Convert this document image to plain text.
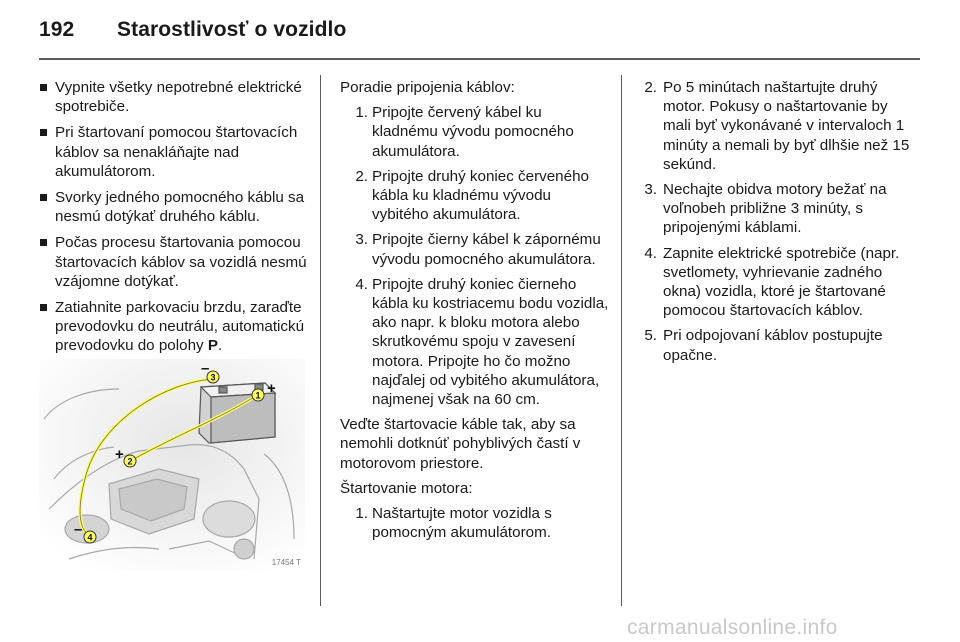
192 Starostlivosť o vozidlo
Vypnite všetky nepotrebné elektrické spotrebiče.
Pri štartovaní pomocou štartovacích káblov sa nenakláňajte nad akumulátorom.
Svorky jedného pomocného káblu sa nesmú dotýkať druhého káblu.
Počas procesu štartovania pomocou štartovacích káblov sa vozidlá nesmú vzájomne dotýkať.
Zatiahnite parkovaciu brzdu, zaraďte prevodovku do neutrálu, automatickú prevodovku do polohy P.
1
2
3
4
–
+
+
–
17454 T
Poradie pripojenia káblov:
1. Pripojte červený kábel ku kladnému vývodu pomocného akumulátora.
2. Pripojte druhý koniec červeného kábla ku kladnému vývodu vybitého akumulátora.
3. Pripojte čierny kábel k zápornému vývodu pomocného akumulátora.
4. Pripojte druhý koniec čierneho kábla ku kostriacemu bodu vozidla, ako napr. k bloku motora alebo skrutkovému spoju v zavesení motora. Pripojte ho čo možno najďalej od vybitého akumulátora, najmenej však na 60 cm.
Veďte štartovacie káble tak, aby sa nemohli dotknúť pohyblivých častí v motorovom priestore.
Štartovanie motora:
1. Naštartujte motor vozidla s pomocným akumulátorom.
2. Po 5 minútach naštartujte druhý motor. Pokusy o naštartovanie by mali byť vykonávané v intervaloch 1 minúty a nemali by byť dlhšie než 15 sekúnd.
3. Nechajte obidva motory bežať na voľnobeh približne 3 minúty, s pripojenými káblami.
4. Zapnite elektrické spotrebiče (napr. svetlomety, vyhrievanie zadného okna) vozidla, ktoré je štartované pomocou štartovacích káblov.
5. Pri odpojovaní káblov postupujte opačne.
carmanualsonline.info
